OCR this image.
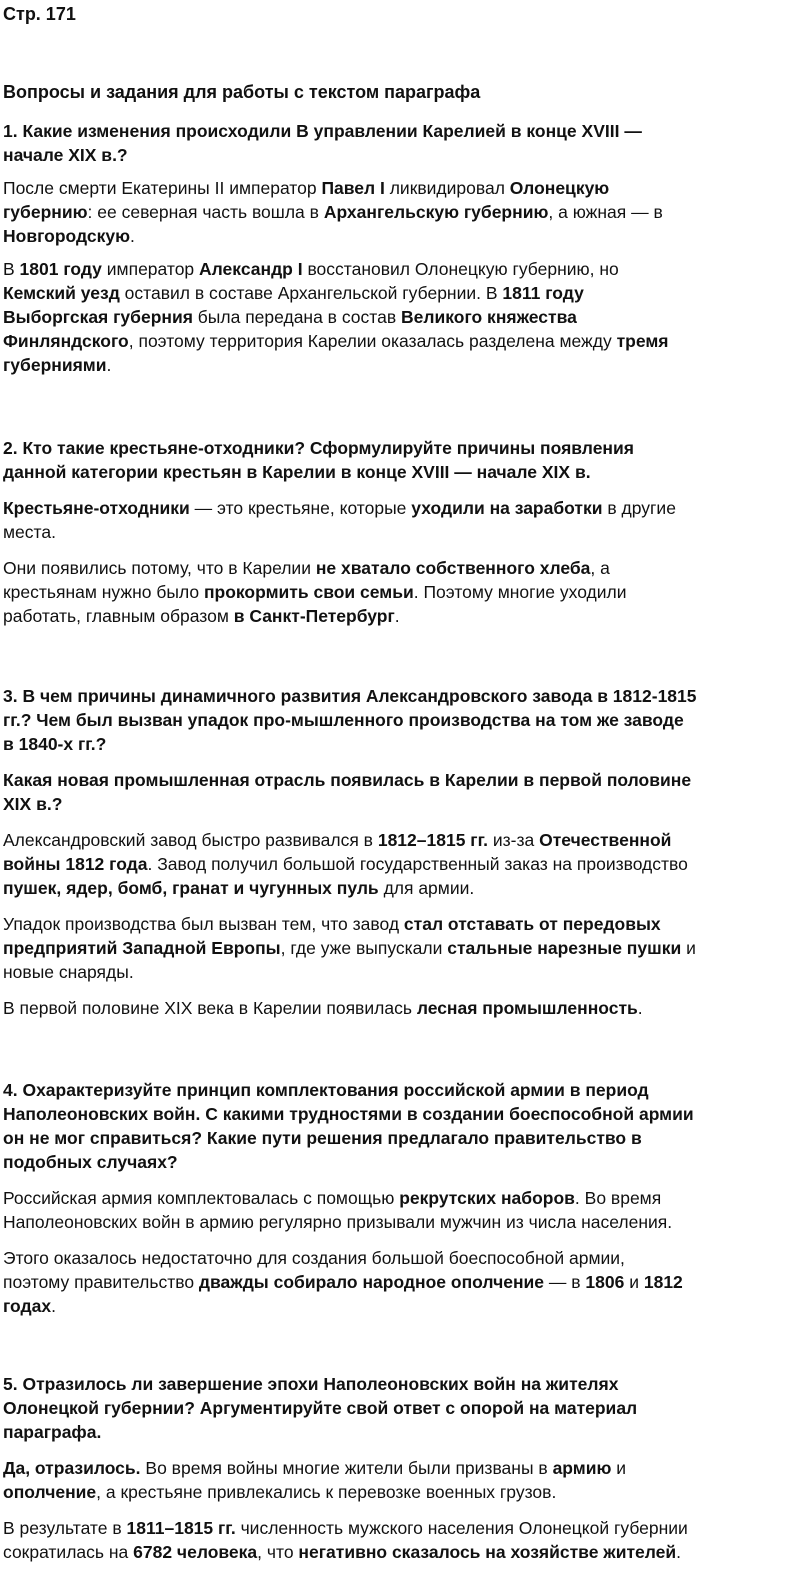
Стр. 171
Вопросы и задания для работы с текстом параграфа
1. Какие изменения происходили В управлении Карелией в конце XVIII —
начале XIX в.?
После смерти Екатерины II император Павел I ликвидировал Олонецкую
губернию: ее северная часть вошла в Архангельскую губернию, а южная — в
Новгородскую.
В 1801 году император Александр I восстановил Олонецкую губернию, но
Кемский уезд оставил в составе Архангельской губернии. В 1811 году
Выборгская губерния была передана в состав Великого княжества
Финляндского, поэтому территория Карелии оказалась разделена между тремя
губерниями.
2. Кто такие крестьяне-отходники? Сформулируйте причины появления
данной категории крестьян в Карелии в конце XVIII — начале XIX в.
Крестьяне-отходники — это крестьяне, которые уходили на заработки в другие
места.
Они появились потому, что в Карелии не хватало собственного хлеба, а
крестьянам нужно было прокормить свои семьи. Поэтому многие уходили
работать, главным образом в Санкт-Петербург.
3. В чем причины динамичного развития Александровского завода в 1812-1815
гг.? Чем был вызван упадок про-мышленного производства на том же заводе
в 1840-х гг.?
Какая новая промышленная отрасль появилась в Карелии в первой половине
XIX в.?
Александровский завод быстро развивался в 1812–1815 гг. из-за Отечественной
войны 1812 года. Завод получил большой государственный заказ на производство
пушек, ядер, бомб, гранат и чугунных пуль для армии.
Упадок производства был вызван тем, что завод стал отставать от передовых
предприятий Западной Европы, где уже выпускали стальные нарезные пушки и
новые снаряды.
В первой половине XIX века в Карелии появилась лесная промышленность.
4. Охарактеризуйте принцип комплектования российской армии в период
Наполеоновских войн. С какими трудностями в создании боеспособной армии
он не мог справиться? Какие пути решения предлагало правительство в
подобных случаях?
Российская армия комплектовалась с помощью рекрутских наборов. Во время
Наполеоновских войн в армию регулярно призывали мужчин из числа населения.
Этого оказалось недостаточно для создания большой боеспособной армии,
поэтому правительство дважды собирало народное ополчение — в 1806 и 1812
годах.
5. Отразилось ли завершение эпохи Наполеоновских войн на жителях
Олонецкой губернии? Аргументируйте свой ответ с опорой на материал
параграфа.
Да, отразилось. Во время войны многие жители были призваны в армию и
ополчение, а крестьяне привлекались к перевозке военных грузов.
В результате в 1811–1815 гг. численность мужского населения Олонецкой губернии
сократилась на 6782 человека, что негативно сказалось на хозяйстве жителей.
